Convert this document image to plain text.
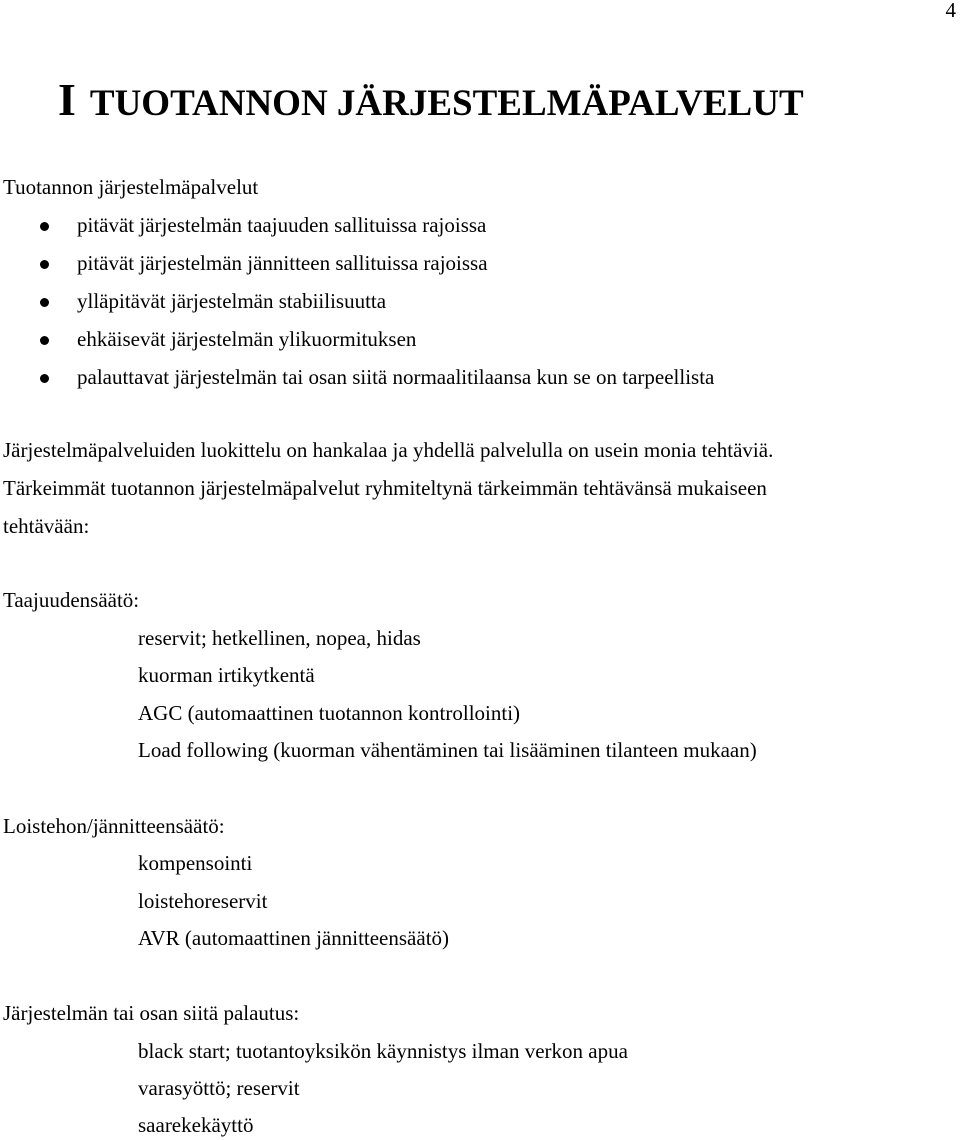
4
I TUOTANNON JÄRJESTELMÄPALVELUT

Tuotannon järjestelmäpalvelut

pitävät järjestelmän taajuuden sallituissa rajoissa

pitävät järjestelmän jännitteen sallituissa rajoissa

ylläpitävät järjestelmän stabiilisuutta

ehkäisevät järjestelmän ylikuormituksen

palauttavat järjestelmän tai osan siitä normaalitilaansa kun se on tarpeellista

Järjestelmäpalveluiden luokittelu on hankalaa ja yhdellä palvelulla on usein monia tehtäviä.

Tärkeimmät tuotannon järjestelmäpalvelut ryhmiteltynä tärkeimmän tehtävänsä mukaiseen

tehtävään:

Taajuudensäätö:

reservit; hetkellinen, nopea, hidas

kuorman irtikytkentä

AGC (automaattinen tuotannon kontrollointi)

Load following (kuorman vähentäminen tai lisääminen tilanteen mukaan)

Loistehon/jännitteensäätö:

kompensointi

loistehoreservit

AVR (automaattinen jännitteensäätö)

Järjestelmän tai osan siitä palautus:

black start; tuotantoyksikön käynnistys ilman verkon apua

varasyöttö; reservit

saarekekäyttö
